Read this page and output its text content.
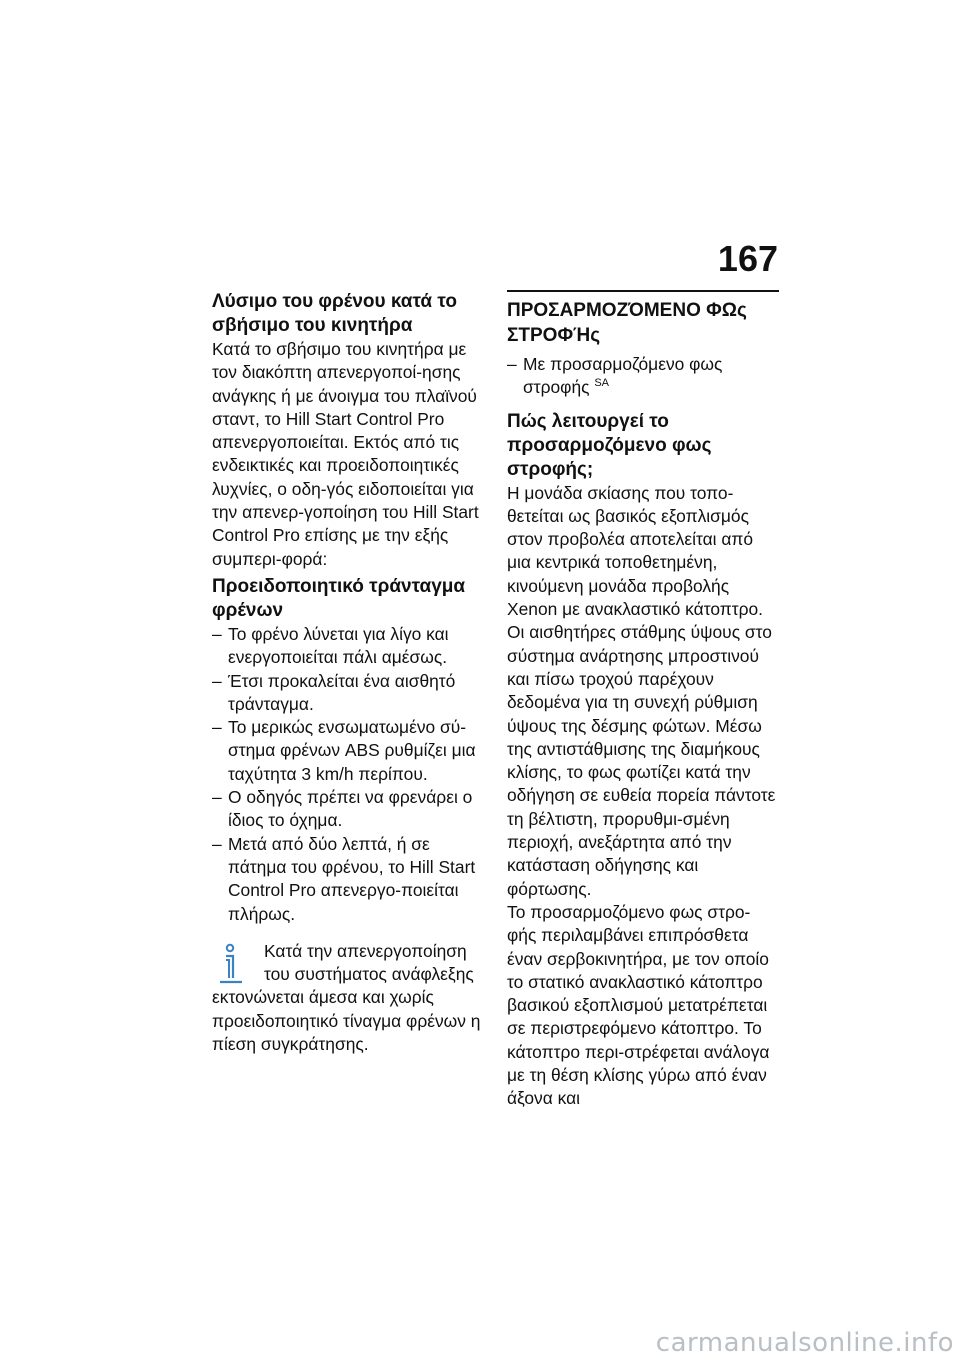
167

Λύσιμο του φρένου κατά το σβήσιμο του κινητήρα

Κατά το σβήσιμο του κινητήρα με τον διακόπτη απενεργοποί-ησης ανάγκης ή με άνοιγμα του πλαϊνού σταντ, το Hill Start Control Pro απενεργοποιείται. Εκτός από τις ενδεικτικές και προειδοποιητικές λυχνίες, ο οδη-γός ειδοποιείται για την απενερ-γοποίηση του Hill Start Control Pro επίσης με την εξής συμπερι-φορά:

Προειδοποιητικό τράνταγμα φρένων

– Το φρένο λύνεται για λίγο και ενεργοποιείται πάλι αμέσως.
– Έτσι προκαλείται ένα αισθητό τράνταγμα.
– Το μερικώς ενσωματωμένο σύ-στημα φρένων ABS ρυθμίζει μια ταχύτητα 3 km/h περίπου.
– Ο οδηγός πρέπει να φρενάρει ο ίδιος το όχημα.
– Μετά από δύο λεπτά, ή σε πάτημα του φρένου, το Hill Start Control Pro απενεργο-ποιείται πλήρως.
Κατά την απενεργοποίηση του συστήματος ανάφλεξης εκτονώνεται άμεσα και χωρίς προειδοποιητικό τίναγμα φρένων η πίεση συγκράτησης.

ΠΡΟΣΑΡΜΟΖΌΜΕΝΟ ΦΩς ΣΤΡΟΦΉς

– Με προσαρμοζόμενο φως στροφής $^{SA}$

Πώς λειτουργεί το προσαρμοζόμενο φως στροφής;

Η μονάδα σκίασης που τοπο-θετείται ως βασικός εξοπλισμός στον προβολέα αποτελείται από μια κεντρικά τοποθετημένη, κινούμενη μονάδα προβολής Xenon με ανακλαστικό κάτοπτρο. Οι αισθητήρες στάθμης ύψους στο σύστημα ανάρτησης μπροστινού και πίσω τροχού παρέχουν δεδομένα για τη συνεχή ρύθμιση ύψους της δέσμης φώτων. Μέσω της αντιστάθμισης της διαμήκους κλίσης, το φως φωτίζει κατά την οδήγηση σε ευθεία πορεία πάντοτε τη βέλτιστη, προρυθμι-σμένη περιοχή, ανεξάρτητα από την κατάσταση οδήγησης και φόρτωσης.

Το προσαρμοζόμενο φως στρο-φής περιλαμβάνει επιπρόσθετα έναν σερβοκινητήρα, με τον οποίο το στατικό ανακλαστικό κάτοπτρο βασικού εξοπλισμού μετατρέπεται σε περιστρεφόμενο κάτοπτρο. Το κάτοπτρο περι-στρέφεται ανάλογα με τη θέση κλίσης γύρω από έναν άξονα και

carmanualsonline.info
